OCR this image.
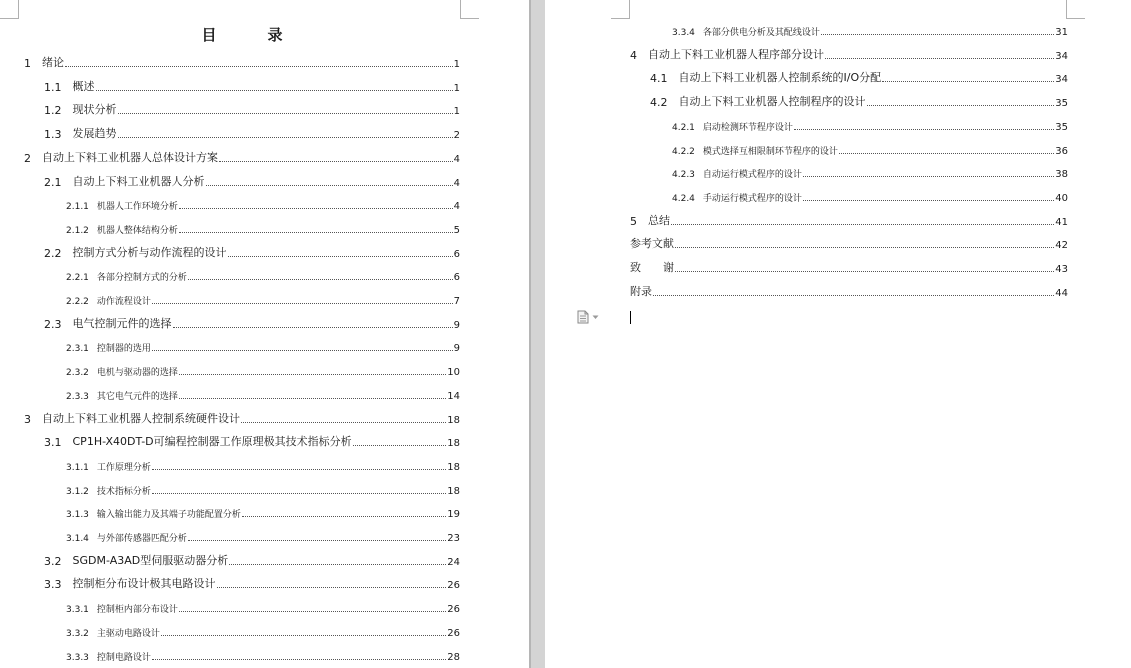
目　录
1 绪论	1
1.1 概述	1
1.2 现状分析	1
1.3 发展趋势	2
2 自动上下料工业机器人总体设计方案	4
2.1 自动上下料工业机器人分析	4
2.1.1 机器人工作环境分析	4
2.1.2 机器人整体结构分析	5
2.2 控制方式分析与动作流程的设计	6
2.2.1 各部分控制方式的分析	6
2.2.2 动作流程设计	7
2.3 电气控制元件的选择	9
2.3.1 控制器的选用	9
2.3.2 电机与驱动器的选择	10
2.3.3 其它电气元件的选择	14
3 自动上下料工业机器人控制系统硬件设计	18
3.1 CP1H-X40DT-D可编程控制器工作原理极其技术指标分析	18
3.1.1 工作原理分析	18
3.1.2 技术指标分析	18
3.1.3 输入输出能力及其端子功能配置分析	19
3.1.4 与外部传感器匹配分析	23
3.2 SGDM-A3AD型伺服驱动器分析	24
3.3 控制柜分布设计极其电路设计	26
3.3.1 控制柜内部分布设计	26
3.3.2 主驱动电路设计	26
3.3.3 控制电路设计	28
3.3.4 各部分供电分析及其配线设计	31
4 自动上下料工业机器人程序部分设计	34
4.1 自动上下料工业机器人控制系统的I/O分配	34
4.2 自动上下料工业机器人控制程序的设计	35
4.2.1 启动检测环节程序设计	35
4.2.2 模式选择互相限制环节程序的设计	36
4.2.3 自动运行模式程序的设计	38
4.2.4 手动运行模式程序的设计	40
5 总结	41
参考文献	42
致　　谢	43
附录	44
